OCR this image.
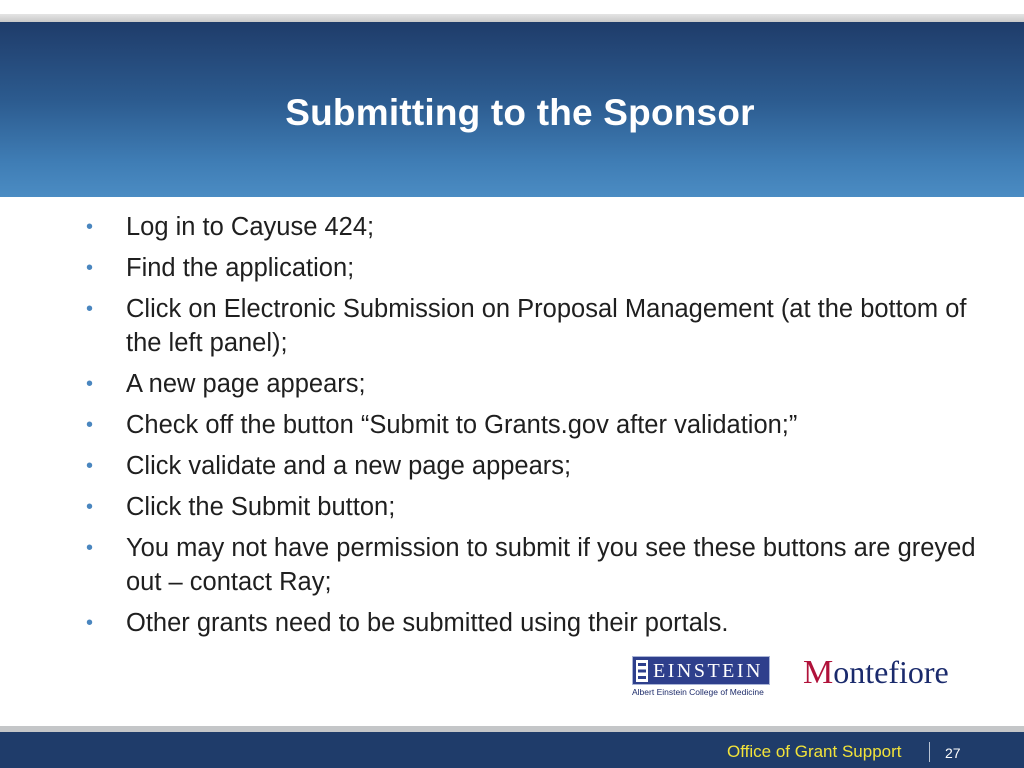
Submitting to the Sponsor
• Log in to Cayuse 424;
• Find the application;
• Click on Electronic Submission on Proposal Management (at the bottom of the left panel);
• A new page appears;
• Check off the button “Submit to Grants.gov after validation;”
• Click validate and a new page appears;
• Click the Submit button;
• You may not have permission to submit if you see these buttons are greyed out – contact Ray;
• Other grants need to be submitted using their portals.
EINSTEIN
Albert Einstein College of Medicine
Montefiore
Office of Grant Support	27
